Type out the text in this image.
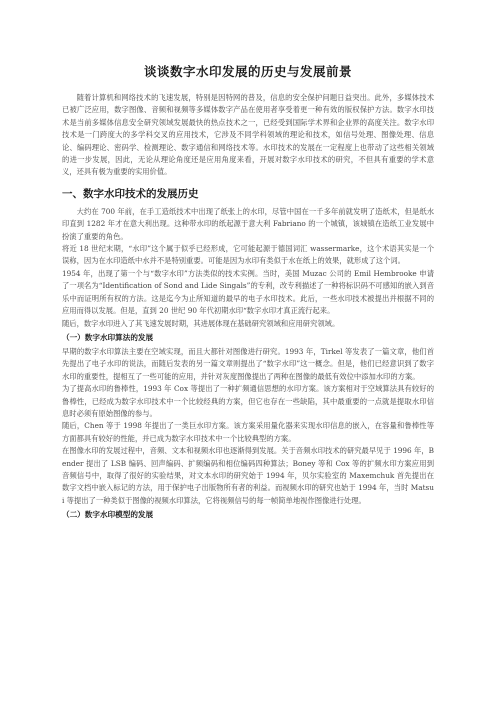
谈谈数字水印发展的历史与发展前景

随着计算机和网络技术的飞速发展，特别是因特网的普及，信息的安全保护问题日益突出。此外，多媒体技术已被广泛应用，数字图像、音频和视频等多媒体数字产品在使用者享受着更一种有效的版权保护方法。数字水印技术是当前多媒体信息安全研究领域发展最快的热点技术之一，已经受到国际学术界和企业界的高度关注。数字水印技术是一门跨度大的多学科交叉的应用技术，它涉及不同学科领域的理论和技术，如信号处理、图像处理、信息论、编码理论、密码学、检测理论、数字通信和网络技术等。水印技术的发展在一定程度上也带动了这些相关领域的进一步发展，因此，无论从理论角度还是应用角度来看，开展对数字水印技术的研究，不但具有重要的学术意义，还具有极为重要的实用价值。

一、数字水印技术的发展历史

大约在 700 年前，在手工造纸技术中出现了纸张上的水印，尽管中国在一千多年前就发明了造纸术，但是纸水印直到 1282 年才在意大利出现。这种带水印的纸起源于意大利 Fabriano 的一个城镇，该城镇在造纸工业发展中扮演了重要的角色。

将近 18 世纪末期，“水印”这个属于似乎已经形成，它可能起源于德国词汇 wassermarke，这个术语其实是一个误称，因为在水印造纸中水并不是特别重要。可能是因为水印有类似于水在纸上的效果，就形成了这个词。

1954 年，出现了第一个与“数字水印”方法类似的技术实例。当时，美国 Muzac 公司的 Emil Hembrooke 申请了一项名为“Identification of Sond and Lide Singals”的专利，改专利描述了一种将标识码不可感知的嵌入到音乐中而证明所有权的方法。这是迄今为止所知道的最早的电子水印技术。此后，一些水印技术被提出并根据不同的应用而得以发展。但是，直到 20 世纪 90 年代初期水印“数字水印才真正流行起来。

随后，数字水印进入了其飞速发展时期，其进展体现在基础研究领域和应用研究领域。

（一）数字水印算法的发展

早期的数字水印算法主要在空域实现，而且大都针对图像进行研究。1993 年，Tirkel 等发表了一篇文章，他们首先提出了电子水印的说法，而随后发表的另一篇文章则提出了“数字水印”这一概念。但是，他们已经意识到了数字水印的重要性，提相互了一些可能的应用，并针对灰度图像提出了两种在图像的最低有效位中添加水印的方案。

为了提高水印的鲁棒性，1993 年 Cox 等提出了一种扩频通信思想的水印方案。该方案相对于空域算法具有较好的鲁棒性，已经成为数字水印技术中一个比较经典的方案，但它也存在一些缺陷，其中最重要的一点就是提取水印信息时必须有原始图像的参与。

随后，Chen 等于 1998 年提出了一类巨水印方案。该方案采用量化器来实现水印信息的嵌入，在容量和鲁棒性等方面都具有较好的性能，并已成为数字水印技术中一个比较典型的方案。

在图像水印的发展过程中，音频、文本和视频水印也逐渐得到发展。关于音频水印技术的研究最早见于 1996 年，Bender 提出了 LSB 编码、回声编码、扩频编码和相位编码四种算法；Boney 等和 Cox 等的扩频水印方案应用到音频信号中，取得了很好的实验结果，对文本水印的研究始于 1994 年，贝尔实验室的 Maxemchuk 首先提出在数字文档中嵌入标记的方法，用于保护电子出版物所有者的利益。而视频水印的研究也始于 1994 年，当时 Matsui 等提出了一种类似于图像的视频水印算法，它将视频信号的每一帧简单地视作图像进行处理。

（二）数字水印模型的发展
